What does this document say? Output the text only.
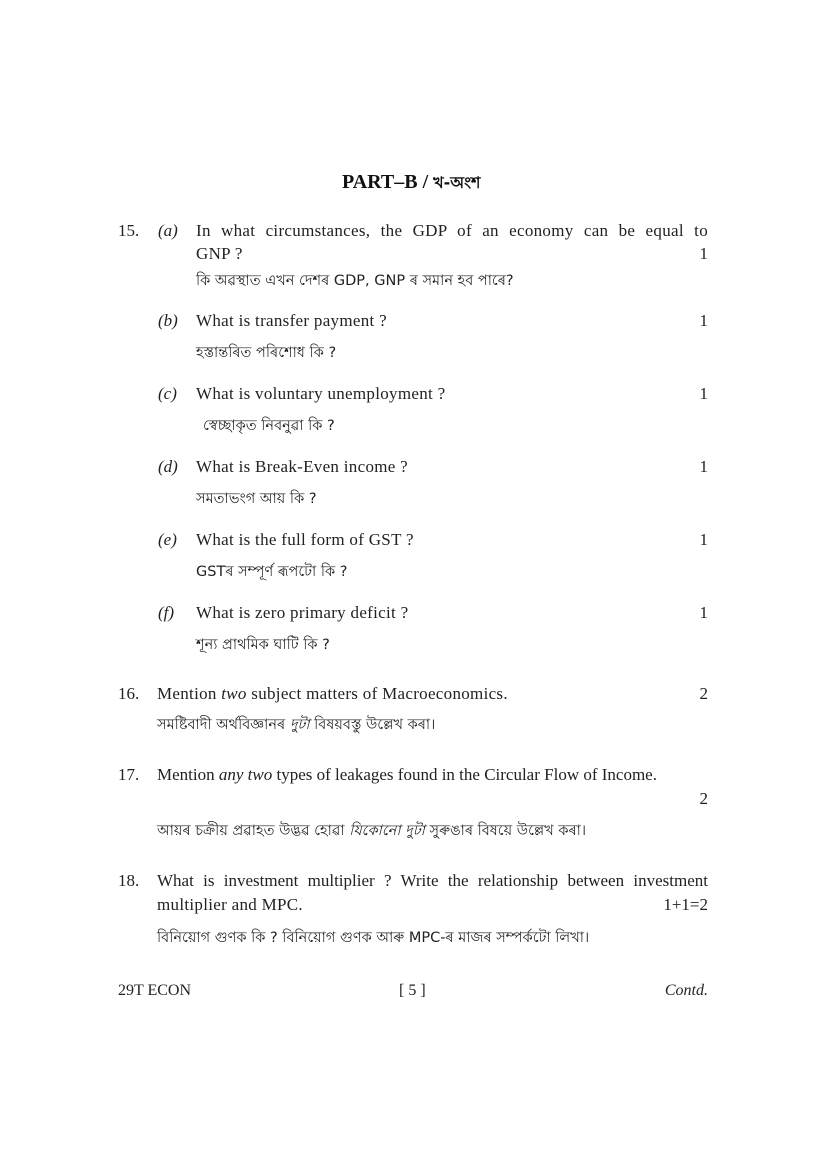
PART–B / খ-অংশ
15. (a) In what circumstances, the GDP of an economy can be equal to
GNP ?	1
কি অৱস্থাত এখন দেশৰ GDP, GNP ৰ সমান হব পাৰে?
(b) What is transfer payment ?	1
হস্তান্তৰিত পৰিশোধ কি ?
(c) What is voluntary unemployment ?	1
স্বেচ্ছাকৃত নিবনুৱা কি ?
(d) What is Break-Even income ?	1
সমতাভংগ আয় কি ?
(e) What is the full form of GST ?	1
GSTৰ সম্পূৰ্ণ ৰূপটো কি ?
(f) What is zero primary deficit ?	1
শূন্য প্ৰাথমিক ঘাটি কি ?
16. Mention two subject matters of Macroeconomics.	2
সমষ্টিবাদী অৰ্থবিজ্ঞানৰ দুটা বিষয়বস্তু উল্লেখ কৰা।
17. Mention any two types of leakages found in the Circular Flow of Income.
2
আয়ৰ চক্ৰীয় প্ৰৱাহত উদ্ভৱ হোৱা যিকোনো দুটা সুৰুঙাৰ বিষয়ে উল্লেখ কৰা।
18. What is investment multiplier ? Write the relationship between investment
multiplier and MPC.	1+1=2
বিনিয়োগ গুণক কি ? বিনিয়োগ গুণক আৰু MPC-ৰ মাজৰ সম্পৰ্কটো লিখা।
29T ECON	[ 5 ]	Contd.
